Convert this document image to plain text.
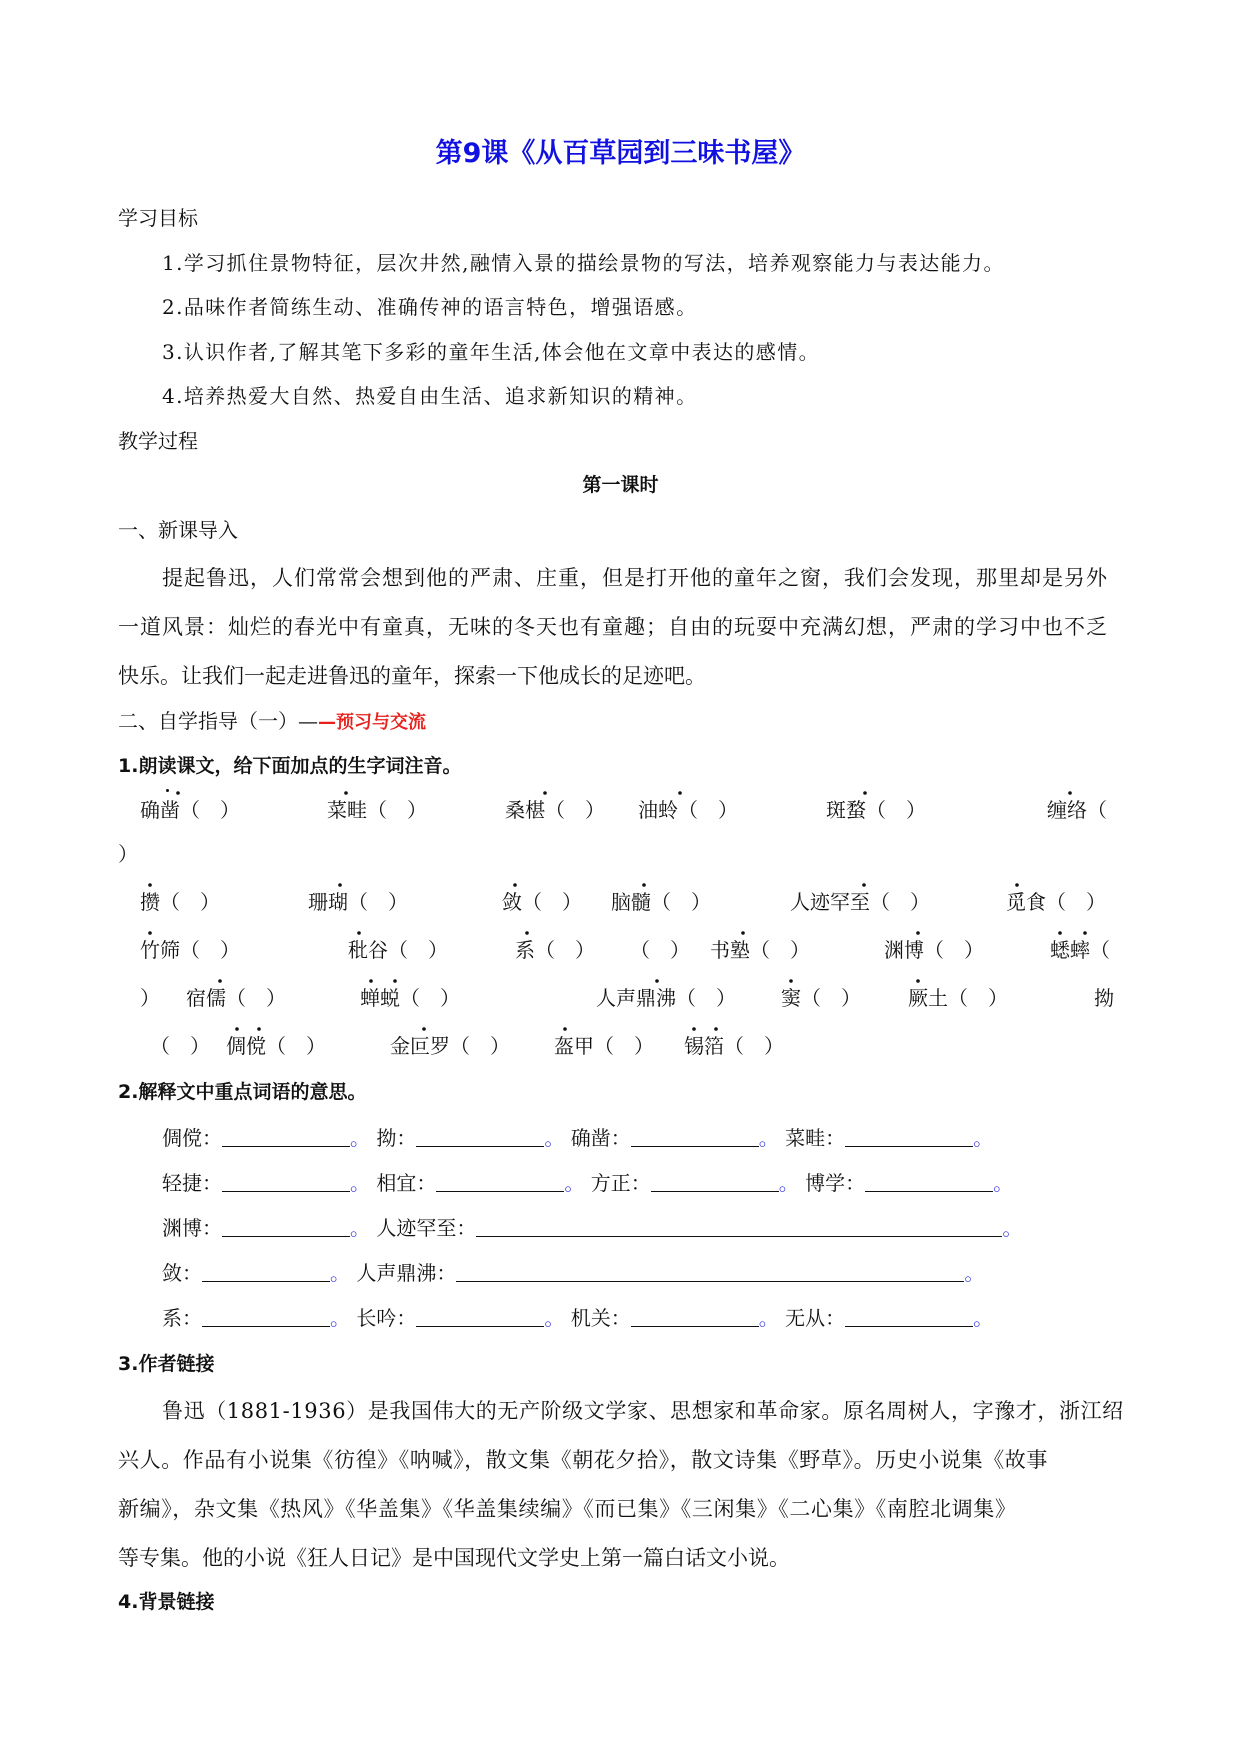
第9课《从百草园到三味书屋》
学习目标
1.学习抓住景物特征，层次井然,融情入景的描绘景物的写法，培养观察能力与表达能力。
2.品味作者简练生动、准确传神的语言特色，增强语感。
3.认识作者,了解其笔下多彩的童年生活,体会他在文章中表达的感情。
4.培养热爱大自然、热爱自由生活、追求新知识的精神。
教学过程
第一课时
一、新课导入
提起鲁迅，人们常常会想到他的严肃、庄重，但是打开他的童年之窗，我们会发现，那里却是另外
一道风景：灿烂的春光中有童真，无味的冬天也有童趣；自由的玩耍中充满幻想，严肃的学习中也不乏
快乐。让我们一起走进鲁迅的童年，探索一下他成长的足迹吧。
二、自学指导（一）——预习与交流
1.朗读课文，给下面加点的生字词注音。
确凿（　）	菜畦（　）	桑椹（　） 油蛉（　）	斑蝥（　）	缠络（
）
攒（　）	珊瑚（　）	敛（　） 脑髓（　）	人迹罕至（　）	觅食（　）
竹筛（　）	秕谷（　）	系（　） （　） 书塾（　）	渊博（　）	蟋蟀（
） 宿儒（　）	蝉蜕（　）	人声鼎沸（　） 窦（　） 厥土（　）	拗
（　） 倜傥（　）	金叵罗（　） 盔甲（　） 锡箔（　）
2.解释文中重点词语的意思。
倜傥：	。 拗：	。 确凿：	。 菜畦：	。
轻捷：	。 相宜：	。 方正：	。 博学：	。
渊博：	。 人迹罕至：	。
敛：	。 人声鼎沸：	。
系：	。 长吟：	。 机关：	。 无从：	。
3.作者链接
鲁迅（1881-1936）是我国伟大的无产阶级文学家、思想家和革命家。原名周树人，字豫才，浙江绍
兴人。作品有小说集《彷徨》《呐喊》，散文集《朝花夕拾》，散文诗集《野草》。历史小说集《故事
新编》，杂文集《热风》《华盖集》《华盖集续编》《而已集》《三闲集》《二心集》《南腔北调集》
等专集。他的小说《狂人日记》是中国现代文学史上第一篇白话文小说。
4.背景链接
